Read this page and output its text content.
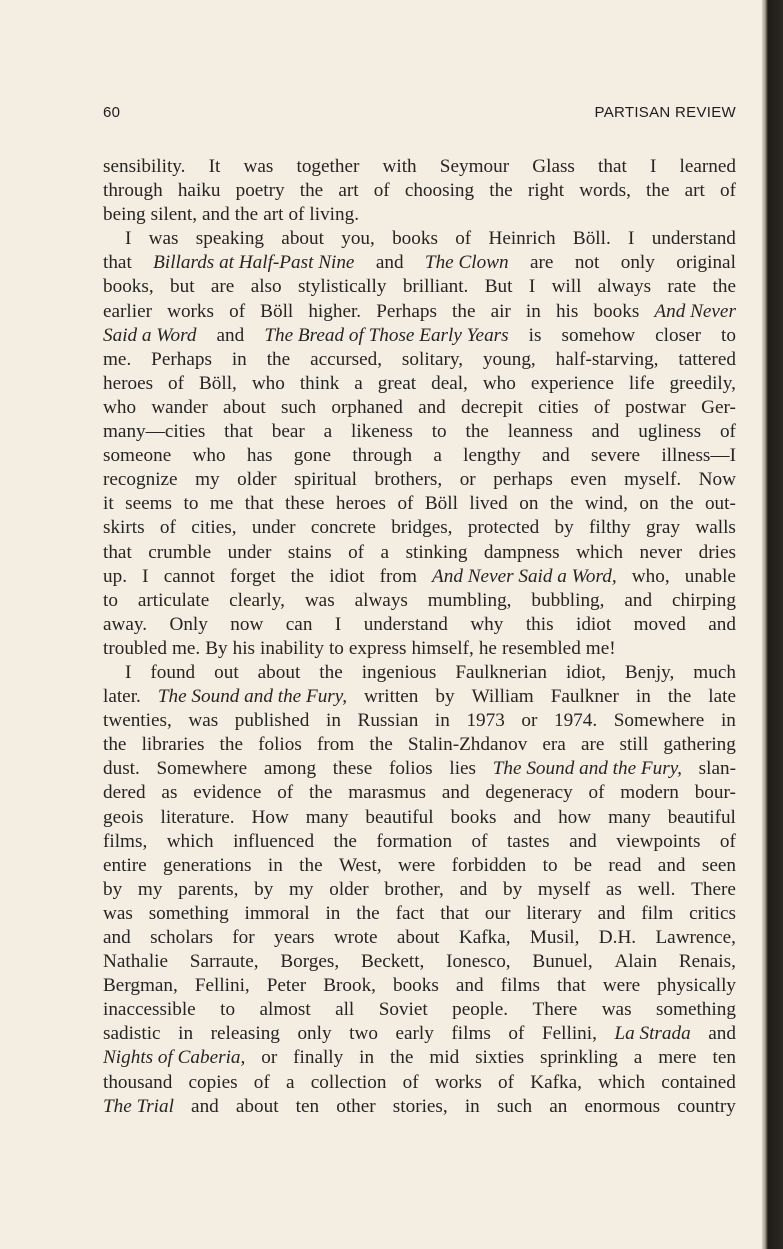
60	PARTISAN REVIEW
sensibility. It was together with Seymour Glass that I learned
through haiku poetry the art of choosing the right words, the art of
being silent, and the art of living.
I was speaking about you, books of Heinrich Böll. I understand
that Billards at Half-Past Nine and The Clown are not only original
books, but are also stylistically brilliant. But I will always rate the
earlier works of Böll higher. Perhaps the air in his books And Never
Said a Word and The Bread of Those Early Years is somehow closer to
me. Perhaps in the accursed, solitary, young, half-starving, tattered
heroes of Böll, who think a great deal, who experience life greedily,
who wander about such orphaned and decrepit cities of postwar Ger-
many—cities that bear a likeness to the leanness and ugliness of
someone who has gone through a lengthy and severe illness—I
recognize my older spiritual brothers, or perhaps even myself. Now
it seems to me that these heroes of Böll lived on the wind, on the out-
skirts of cities, under concrete bridges, protected by filthy gray walls
that crumble under stains of a stinking dampness which never dries
up. I cannot forget the idiot from And Never Said a Word, who, unable
to articulate clearly, was always mumbling, bubbling, and chirping
away. Only now can I understand why this idiot moved and
troubled me. By his inability to express himself, he resembled me!
I found out about the ingenious Faulknerian idiot, Benjy, much
later. The Sound and the Fury, written by William Faulkner in the late
twenties, was published in Russian in 1973 or 1974. Somewhere in
the libraries the folios from the Stalin-Zhdanov era are still gathering
dust. Somewhere among these folios lies The Sound and the Fury, slan-
dered as evidence of the marasmus and degeneracy of modern bour-
geois literature. How many beautiful books and how many beautiful
films, which influenced the formation of tastes and viewpoints of
entire generations in the West, were forbidden to be read and seen
by my parents, by my older brother, and by myself as well. There
was something immoral in the fact that our literary and film critics
and scholars for years wrote about Kafka, Musil, D.H. Lawrence,
Nathalie Sarraute, Borges, Beckett, Ionesco, Bunuel, Alain Renais,
Bergman, Fellini, Peter Brook, books and films that were physically
inaccessible to almost all Soviet people. There was something
sadistic in releasing only two early films of Fellini, La Strada and
Nights of Caberia, or finally in the mid sixties sprinkling a mere ten
thousand copies of a collection of works of Kafka, which contained
The Trial and about ten other stories, in such an enormous country
